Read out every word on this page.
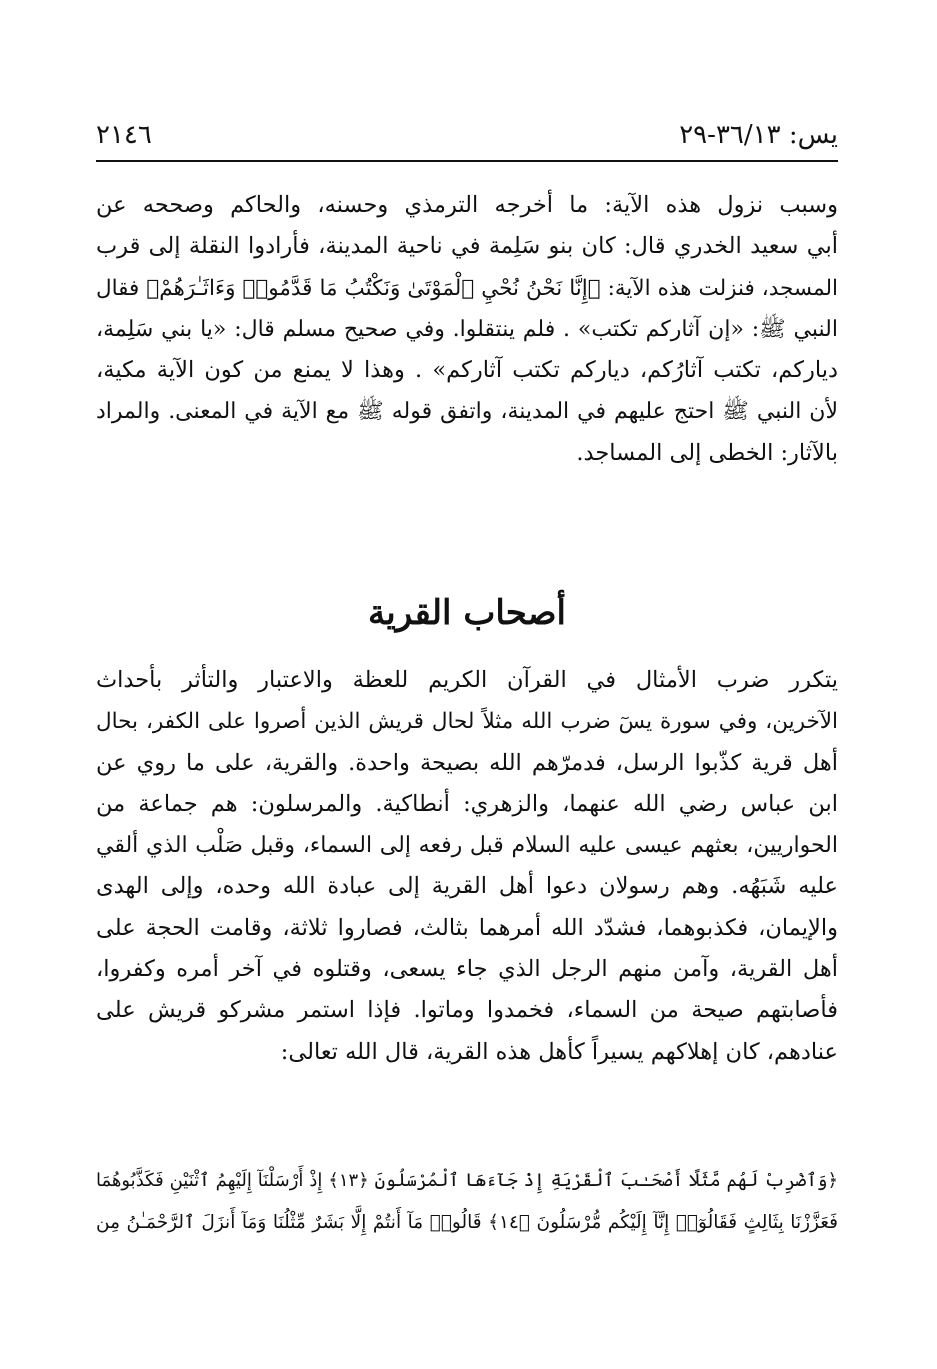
يس: ٣٦/١٣-٢٩
٢١٤٦
وسبب نزول هذه الآية: ما أخرجه الترمذي وحسنه، والحاكم وصححه عن
أبي سعيد الخدري قال: كان بنو سَلِمة في ناحية المدينة، فأرادوا النقلة إلى قرب
المسجد، فنزلت هذه الآية: ﴿إِنَّا نَحْنُ نُحْيِ ٱلْمَوْتَىٰ وَنَكْتُبُ مَا قَدَّمُوا۟ وَءَاثَـٰرَهُمْ﴾ فقال
النبي ﷺ: «إن آثاركم تكتب» . فلم ينتقلوا. وفي صحيح مسلم قال: «يا بني سَلِمة،
دياركم، تكتب آثارُكم، دياركم تكتب آثاركم» . وهذا لا يمنع من كون الآية مكية،
لأن النبي ﷺ احتج عليهم في المدينة، واتفق قوله ﷺ مع الآية في المعنى. والمراد
بالآثار: الخطى إلى المساجد.
أصحاب القرية
يتكرر ضرب الأمثال في القرآن الكريم للعظة والاعتبار والتأثر بأحداث
الآخرين، وفي سورة يسٓ ضرب الله مثلاً لحال قريش الذين أصروا على الكفر، بحال
أهل قرية كذّبوا الرسل، فدمرّهم الله بصيحة واحدة. والقرية، على ما روي عن
ابن عباس رضي الله عنهما، والزهري: أنطاكية. والمرسلون: هم جماعة من
الحواريين، بعثهم عيسى عليه السلام قبل رفعه إلى السماء، وقبل صَلْب الذي ألقي
عليه شَبَهُه. وهم رسولان دعوا أهل القرية إلى عبادة الله وحده، وإلى الهدى
والإيمان، فكذبوهما، فشدّد الله أمرهما بثالث، فصاروا ثلاثة، وقامت الحجة على
أهل القرية، وآمن منهم الرجل الذي جاء يسعى، وقتلوه في آخر أمره وكفروا،
فأصابتهم صيحة من السماء، فخمدوا وماتوا. فإذا استمر مشركو قريش على
عنادهم، كان إهلاكهم يسيراً كأهل هذه القرية، قال الله تعالى:
﴿وَٱضْرِبْ لَهُم مَّثَلًا أَصْحَـٰبَ ٱلْقَرْيَةِ إِذْ جَآءَهَا ٱلْمُرْسَلُونَ ﴿١٣﴾ إِذْ أَرْسَلْنَآ إِلَيْهِمُ ٱثْنَيْنِ فَكَذَّبُوهُمَا
فَعَزَّزْنَا بِثَالِثٍ فَقَالُوٓا۟ إِنَّآ إِلَيْكُم مُّرْسَلُونَ ﴿١٤﴾ قَالُوا۟ مَآ أَنتُمْ إِلَّا بَشَرٌ مِّثْلُنَا وَمَآ أَنزَلَ ٱلرَّحْمَـٰنُ مِن
